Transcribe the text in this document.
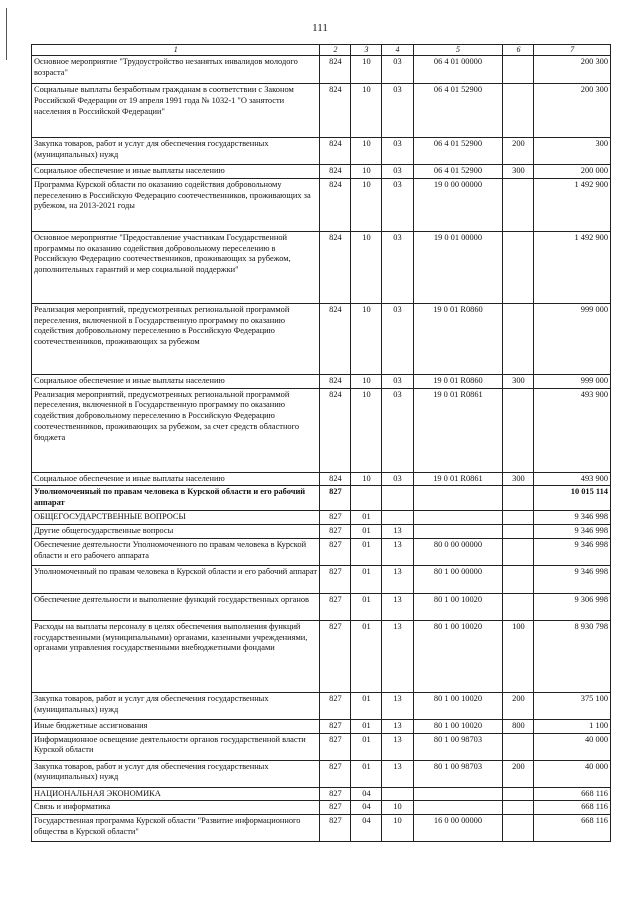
111
1	2	3	4	5	6	7
Основное мероприятие "Трудоустройство незанятых инвалидов молодого возраста"	824	10	03	06 4 01 00000		200 300
Социальные выплаты безработным гражданам в соответствии с Законом Российской Федерации от 19 апреля 1991 года № 1032-1 "О занятости населения в Российской Федерации"	824	10	03	06 4 01 52900		200 300
Закупка товаров, работ и услуг для обеспечения государственных (муниципальных) нужд	824	10	03	06 4 01 52900	200	300
Социальное обеспечение и иные выплаты населению	824	10	03	06 4 01 52900	300	200 000
Программа Курской области по оказанию содействия добровольному переселению в Российскую Федерацию соотечественников, проживающих за рубежом, на 2013-2021 годы	824	10	03	19 0 00 00000		1 492 900
Основное мероприятие "Предоставление участникам Государственной программы по оказанию содействия добровольному переселению в Российскую Федерацию соотечественников, проживающих за рубежом, дополнительных гарантий и мер социальной поддержки"	824	10	03	19 0 01 00000		1 492 900
Реализация мероприятий, предусмотренных региональной программой переселения, включенной в Государственную программу по оказанию содействия добровольному переселению в Российскую Федерацию соотечественников, проживающих за рубежом	824	10	03	19 0 01 R0860		999 000
Социальное обеспечение и иные выплаты населению	824	10	03	19 0 01 R0860	300	999 000
Реализация мероприятий, предусмотренных региональной программой переселения, включенной в Государственную программу по оказанию содействия добровольному переселению в Российскую Федерацию соотечественников, проживающих за рубежом, за счет средств областного бюджета	824	10	03	19 0 01 R0861		493 900
Социальное обеспечение и иные выплаты населению	824	10	03	19 0 01 R0861	300	493 900
Уполномоченный по правам человека в Курской области и его рабочий аппарат	827					10 015 114
ОБЩЕГОСУДАРСТВЕННЫЕ ВОПРОСЫ	827	01				9 346 998
Другие общегосударственные вопросы	827	01	13			9 346 998
Обеспечение деятельности Уполномоченного по правам человека в Курской области и его рабочего аппарата	827	01	13	80 0 00 00000		9 346 998
Уполномоченный по правам человека в Курской области и его рабочий аппарат	827	01	13	80 1 00 00000		9 346 998
Обеспечение деятельности и выполнение функций государственных органов	827	01	13	80 1 00 10020		9 306 998
Расходы на выплаты персоналу в целях обеспечения выполнения функций государственными (муниципальными) органами, казенными учреждениями, органами управления государственными внебюджетными фондами	827	01	13	80 1 00 10020	100	8 930 798
Закупка товаров, работ и услуг для обеспечения государственных (муниципальных) нужд	827	01	13	80 1 00 10020	200	375 100
Иные бюджетные ассигнования	827	01	13	80 1 00 10020	800	1 100
Информационное освещение деятельности органов государственной власти Курской области	827	01	13	80 1 00 98703		40 000
Закупка товаров, работ и услуг для обеспечения государственных (муниципальных) нужд	827	01	13	80 1 00 98703	200	40 000
НАЦИОНАЛЬНАЯ ЭКОНОМИКА	827	04				668 116
Связь и информатика	827	04	10			668 116
Государственная программа Курской области "Развитие информационного общества в Курской области"	827	04	10	16 0 00 00000		668 116
